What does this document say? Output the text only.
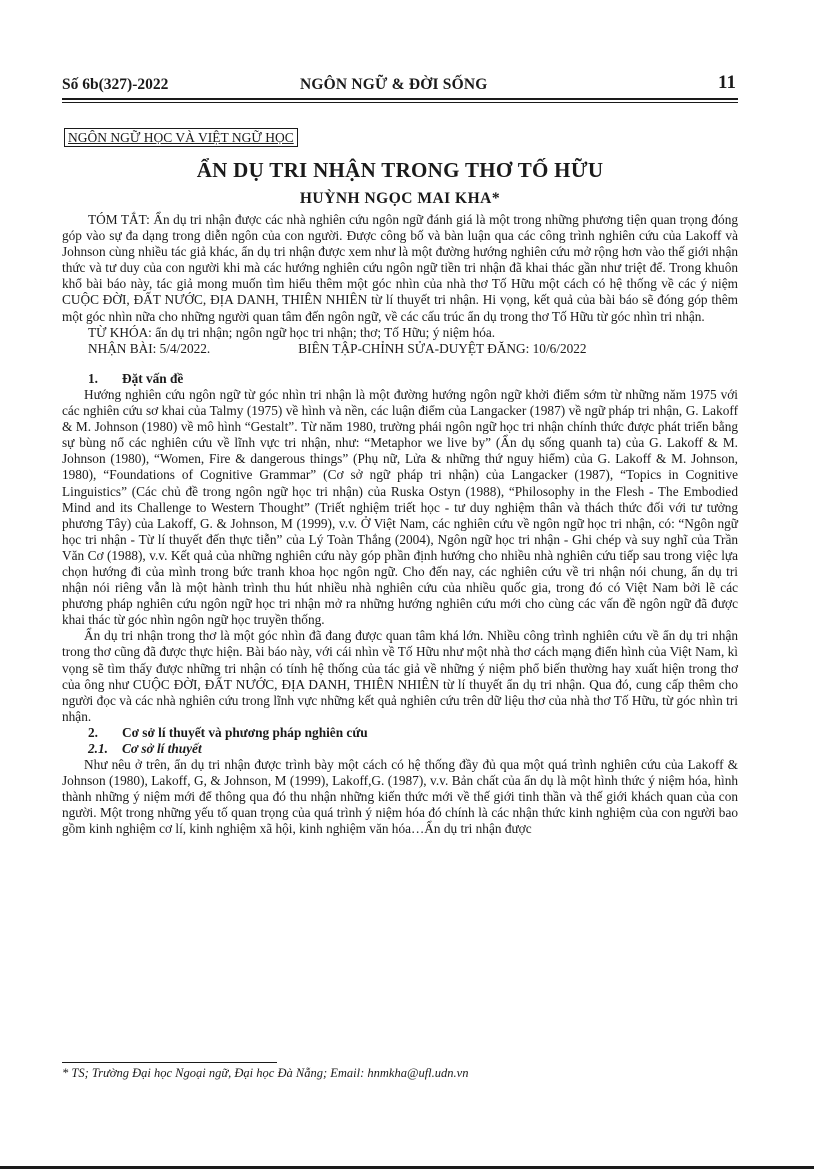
Số 6b(327)-2022	NGÔN NGỮ & ĐỜI SỐNG	11
NGÔN NGỮ HỌC VÀ VIỆT NGỮ HỌC
ẨN DỤ TRI NHẬN TRONG THƠ TỐ HỮU
HUỲNH NGỌC MAI KHA*

TÓM TẮT: Ẩn dụ tri nhận được các nhà nghiên cứu ngôn ngữ đánh giá là một trong những phương tiện quan trọng đóng góp vào sự đa dạng trong diễn ngôn của con người. Được công bố và bàn luận qua các công trình nghiên cứu của Lakoff và Johnson cùng nhiều tác giả khác, ẩn dụ tri nhận được xem như là một đường hướng nghiên cứu mở rộng hơn vào thế giới nhận thức và tư duy của con người khi mà các hướng nghiên cứu ngôn ngữ tiền tri nhận đã khai thác gần như triệt để. Trong khuôn khổ bài báo này, tác giả mong muốn tìm hiểu thêm một góc nhìn của nhà thơ Tố Hữu một cách có hệ thống về các ý niệm CUỘC ĐỜI, ĐẤT NƯỚC, ĐỊA DANH, THIÊN NHIÊN từ lí thuyết tri nhận. Hi vọng, kết quả của bài báo sẽ đóng góp thêm một góc nhìn nữa cho những người quan tâm đến ngôn ngữ, về các cấu trúc ẩn dụ trong thơ Tố Hữu từ góc nhìn tri nhận.

TỪ KHÓA: ẩn dụ tri nhận; ngôn ngữ học tri nhận; thơ; Tố Hữu; ý niệm hóa.

NHẬN BÀI: 5/4/2022.	BIÊN TẬP-CHỈNH SỬA-DUYỆT ĐĂNG: 10/6/2022
1. Đặt vấn đề

Hướng nghiên cứu ngôn ngữ từ góc nhìn tri nhận là một đường hướng ngôn ngữ khởi điểm sớm từ những năm 1975 với các nghiên cứu sơ khai của Talmy (1975) về hình và nền, các luận điểm của Langacker (1987) về ngữ pháp tri nhận, G. Lakoff & M. Johnson (1980) về mô hình “Gestalt”. Từ năm 1980, trường phái ngôn ngữ học tri nhận chính thức được phát triển bằng sự bùng nổ các nghiên cứu về lĩnh vực tri nhận, như: “Metaphor we live by” (Ẩn dụ sống quanh ta) của G. Lakoff & M. Johnson (1980), “Women, Fire & dangerous things” (Phụ nữ, Lửa & những thứ nguy hiểm) của G. Lakoff & M. Johnson, 1980), “Foundations of Cognitive Grammar” (Cơ sở ngữ pháp tri nhận) của Langacker (1987), “Topics in Cognitive Linguistics” (Các chủ đề trong ngôn ngữ học tri nhận) của Ruska Ostyn (1988), “Philosophy in the Flesh - The Embodied Mind and its Challenge to Western Thought” (Triết nghiệm triết học - tư duy nghiệm thân và thách thức đối với tư tưởng phương Tây) của Lakoff, G. & Johnson, M (1999), v.v. Ở Việt Nam, các nghiên cứu về ngôn ngữ học tri nhận, có: “Ngôn ngữ học tri nhận - Từ lí thuyết đến thực tiễn” của Lý Toàn Thắng (2004), Ngôn ngữ học tri nhận - Ghi chép và suy nghĩ của Trần Văn Cơ (1988), v.v. Kết quả của những nghiên cứu này góp phần định hướng cho nhiều nhà nghiên cứu tiếp sau trong việc lựa chọn hướng đi của mình trong bức tranh khoa học ngôn ngữ. Cho đến nay, các nghiên cứu về tri nhận nói chung, ẩn dụ tri nhận nói riêng vẫn là một hành trình thu hút nhiều nhà nghiên cứu của nhiều quốc gia, trong đó có Việt Nam bởi lẽ các phương pháp nghiên cứu ngôn ngữ học tri nhận mở ra những hướng nghiên cứu mới cho cùng các vấn đề ngôn ngữ đã được khai thác từ góc nhìn ngôn ngữ học truyền thống.

Ẩn dụ tri nhận trong thơ là một góc nhìn đã đang được quan tâm khá lớn. Nhiều công trình nghiên cứu về ẩn dụ tri nhận trong thơ cũng đã được thực hiện. Bài báo này, với cái nhìn về Tố Hữu như một nhà thơ cách mạng điển hình của Việt Nam, kì vọng sẽ tìm thấy được những tri nhận có tính hệ thống của tác giả về những ý niệm phổ biến thường hay xuất hiện trong thơ của ông như CUỘC ĐỜI, ĐẤT NƯỚC, ĐỊA DANH, THIÊN NHIÊN từ lí thuyết ẩn dụ tri nhận. Qua đó, cung cấp thêm cho người đọc và các nhà nghiên cứu trong lĩnh vực những kết quả nghiên cứu trên dữ liệu thơ của nhà thơ Tố Hữu, từ góc nhìn tri nhận.

2. Cơ sở lí thuyết và phương pháp nghiên cứu
2.1. Cơ sở lí thuyết

Như nêu ở trên, ẩn dụ tri nhận được trình bày một cách có hệ thống đầy đủ qua một quá trình nghiên cứu của Lakoff & Johnson (1980), Lakoff, G, & Johnson, M (1999), Lakoff,G. (1987), v.v. Bản chất của ẩn dụ là một hình thức ý niệm hóa, hình thành những ý niệm mới để thông qua đó thu nhận những kiến thức mới về thế giới tinh thần và thế giới khách quan của con người. Một trong những yếu tố quan trọng của quá trình ý niệm hóa đó chính là các nhận thức kinh nghiệm của con người bao gồm kinh nghiệm cơ lí, kinh nghiệm xã hội, kinh nghiệm văn hóa…Ẩn dụ tri nhận được

* TS; Trường Đại học Ngoại ngữ, Đại học Đà Nẵng; Email: hnmkha@ufl.udn.vn
